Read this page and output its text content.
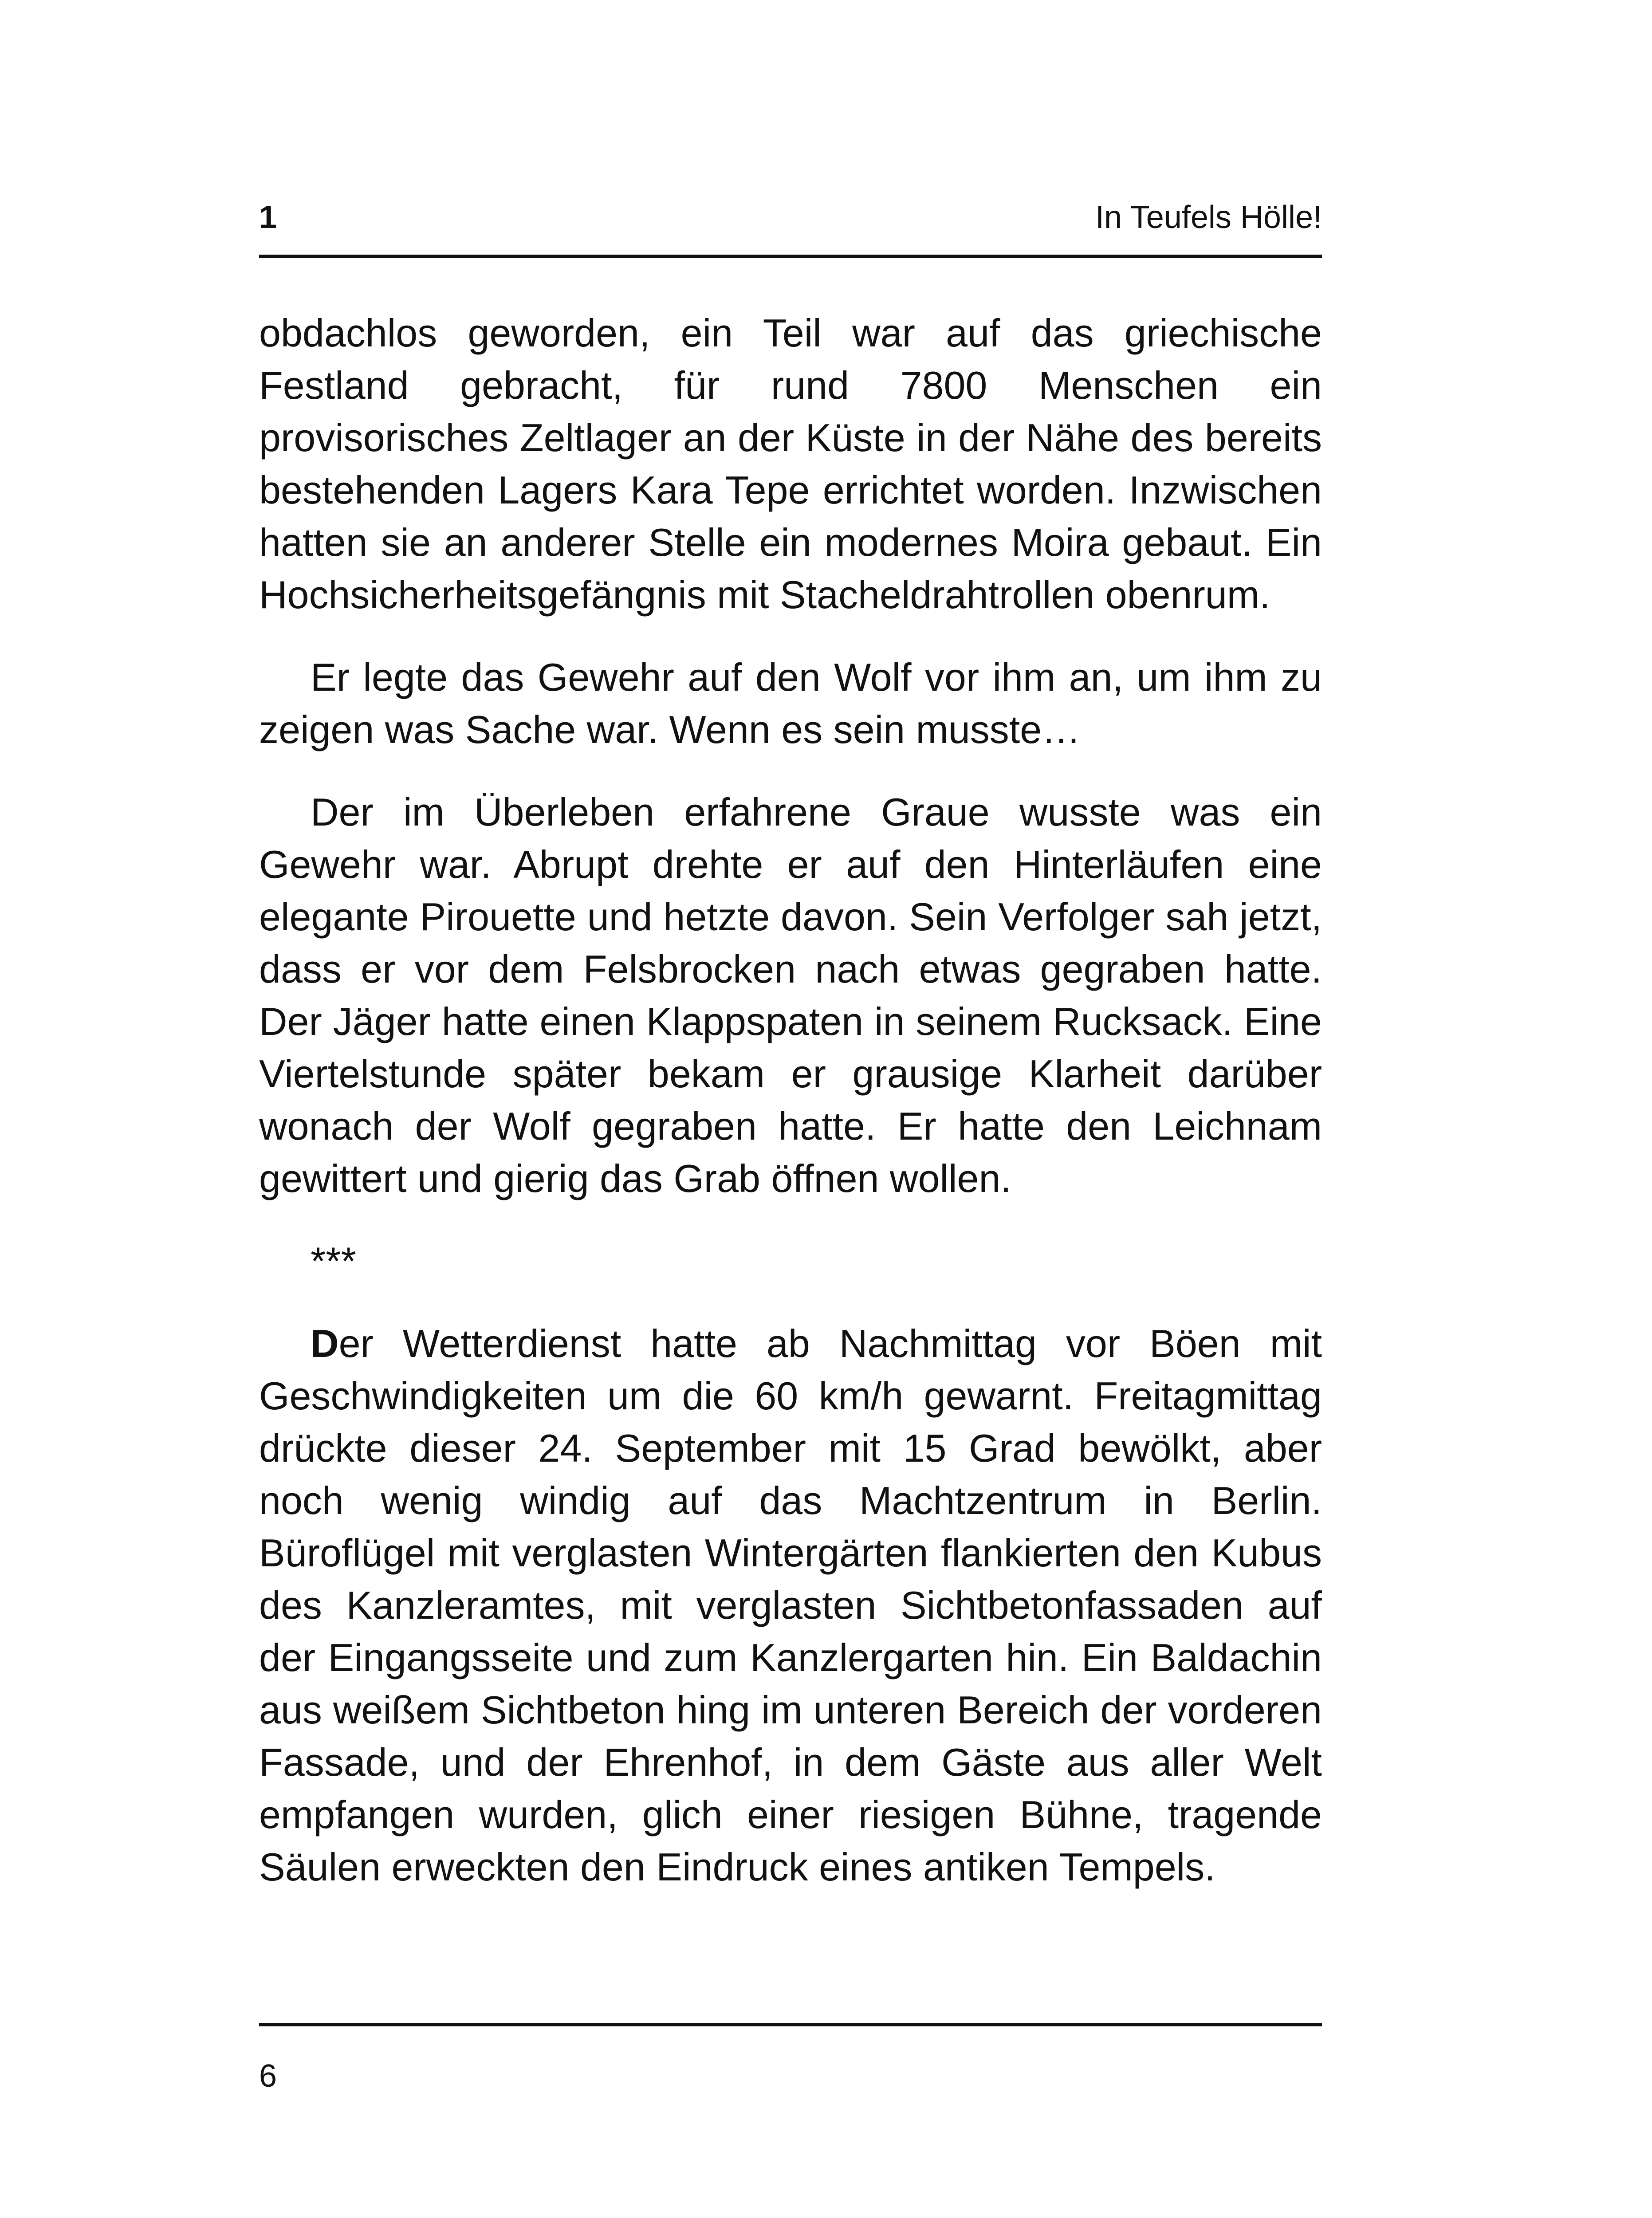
1	In Teufels Hölle!

obdachlos geworden, ein Teil war auf das griechische Festland gebracht, für rund 7800 Menschen ein provisorisches Zeltlager an der Küste in der Nähe des bereits bestehenden Lagers Kara Tepe errichtet worden. Inzwischen hatten sie an anderer Stelle ein modernes Moira gebaut. Ein Hochsicherheitsgefängnis mit Stacheldrahtrollen obenrum.

Er legte das Gewehr auf den Wolf vor ihm an, um ihm zu zeigen was Sache war. Wenn es sein musste…

Der im Überleben erfahrene Graue wusste was ein Gewehr war. Abrupt drehte er auf den Hinterläufen eine elegante Pirouette und hetzte davon. Sein Verfolger sah jetzt, dass er vor dem Felsbrocken nach etwas gegraben hatte. Der Jäger hatte einen Klappspaten in seinem Rucksack. Eine Viertelstunde später bekam er grausige Klarheit darüber wonach der Wolf gegraben hatte. Er hatte den Leichnam gewittert und gierig das Grab öffnen wollen.

***

Der Wetterdienst hatte ab Nachmittag vor Böen mit Geschwindigkeiten um die 60 km/h gewarnt. Freitagmittag drückte dieser 24. September mit 15 Grad bewölkt, aber noch wenig windig auf das Machtzentrum in Berlin. Büroflügel mit verglasten Wintergärten flankierten den Kubus des Kanzleramtes, mit verglasten Sichtbetonfassaden auf der Eingangsseite und zum Kanzlergarten hin. Ein Baldachin aus weißem Sichtbeton hing im unteren Bereich der vorderen Fassade, und der Ehrenhof, in dem Gäste aus aller Welt empfangen wurden, glich einer riesigen Bühne, tragende Säulen erweckten den Eindruck eines antiken Tempels.

6
